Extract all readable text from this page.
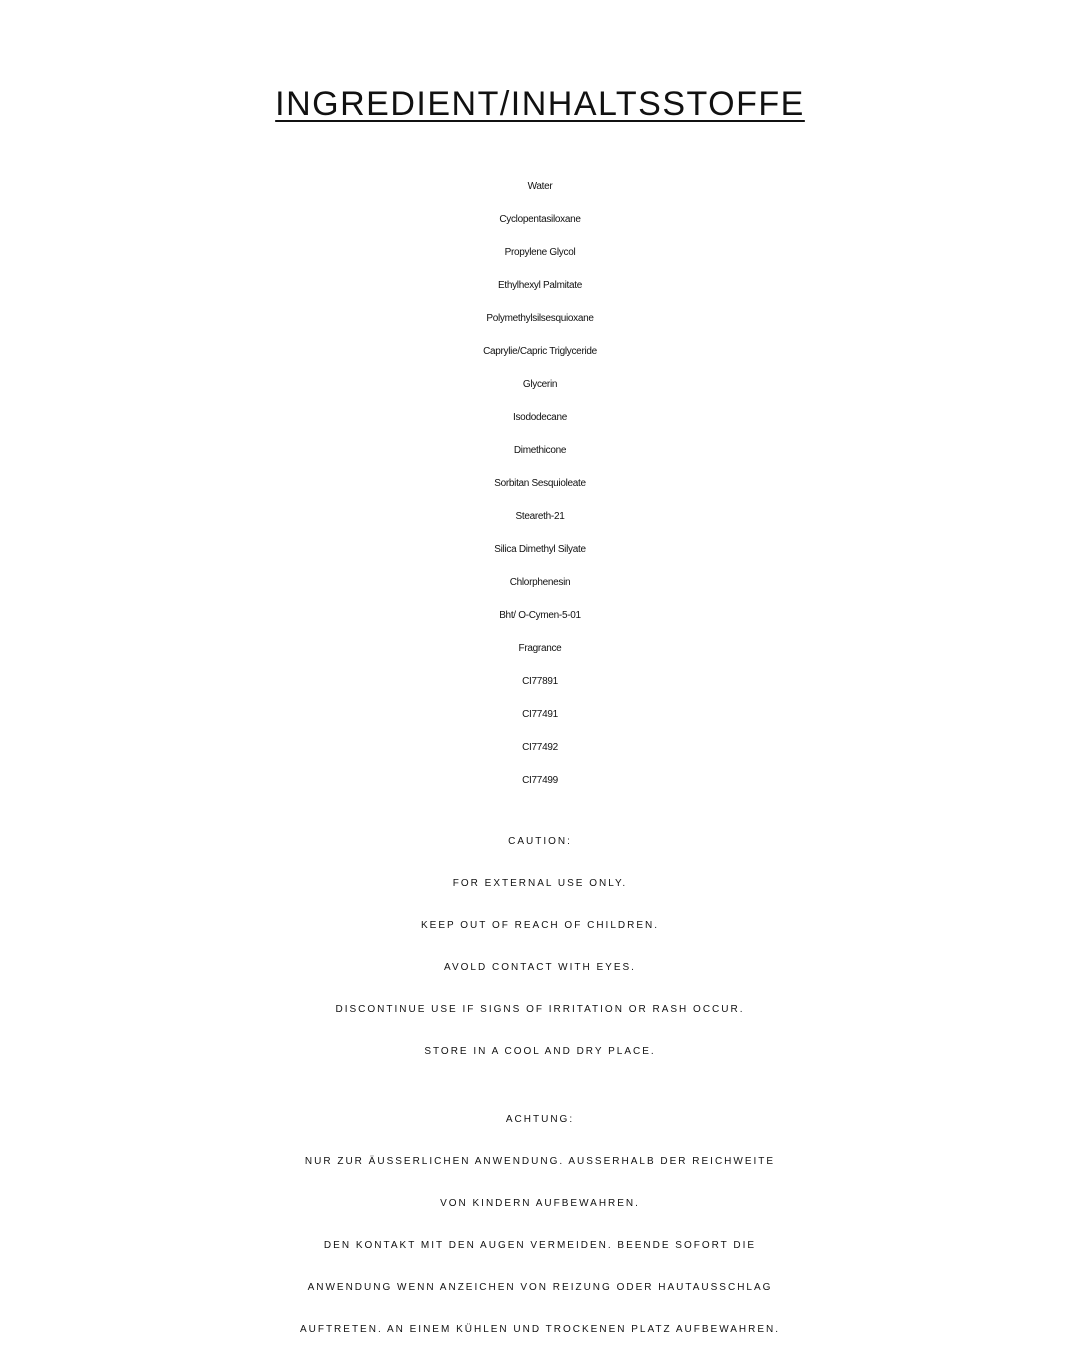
INGREDIENT/INHALTSSTOFFE
Water
Cyclopentasiloxane
Propylene Glycol
Ethylhexyl Palmitate
Polymethylsilsesquioxane
Caprylie/Capric Triglyceride
Glycerin
Isododecane
Dimethicone
Sorbitan Sesquioleate
Steareth-21
Silica Dimethyl Silyate
Chlorphenesin
Bht/ O-Cymen-5-01
Fragrance
CI77891
CI77491
CI77492
CI77499
CAUTION:
FOR EXTERNAL USE ONLY.
KEEP OUT OF REACH OF CHILDREN.
AVOLD CONTACT WITH EYES.
DISCONTINUE USE IF SIGNS OF IRRITATION OR RASH OCCUR.
STORE IN A COOL AND DRY PLACE.
ACHTUNG:
NUR ZUR ÄUSSERLICHEN ANWENDUNG. AUSSERHALB DER REICHWEITE
VON KINDERN AUFBEWAHREN.
DEN KONTAKT MIT DEN AUGEN VERMEIDEN. BEENDE SOFORT DIE
ANWENDUNG WENN ANZEICHEN VON REIZUNG ODER HAUTAUSSCHLAG
AUFTRETEN. AN EINEM KÜHLEN UND TROCKENEN PLATZ AUFBEWAHREN.
